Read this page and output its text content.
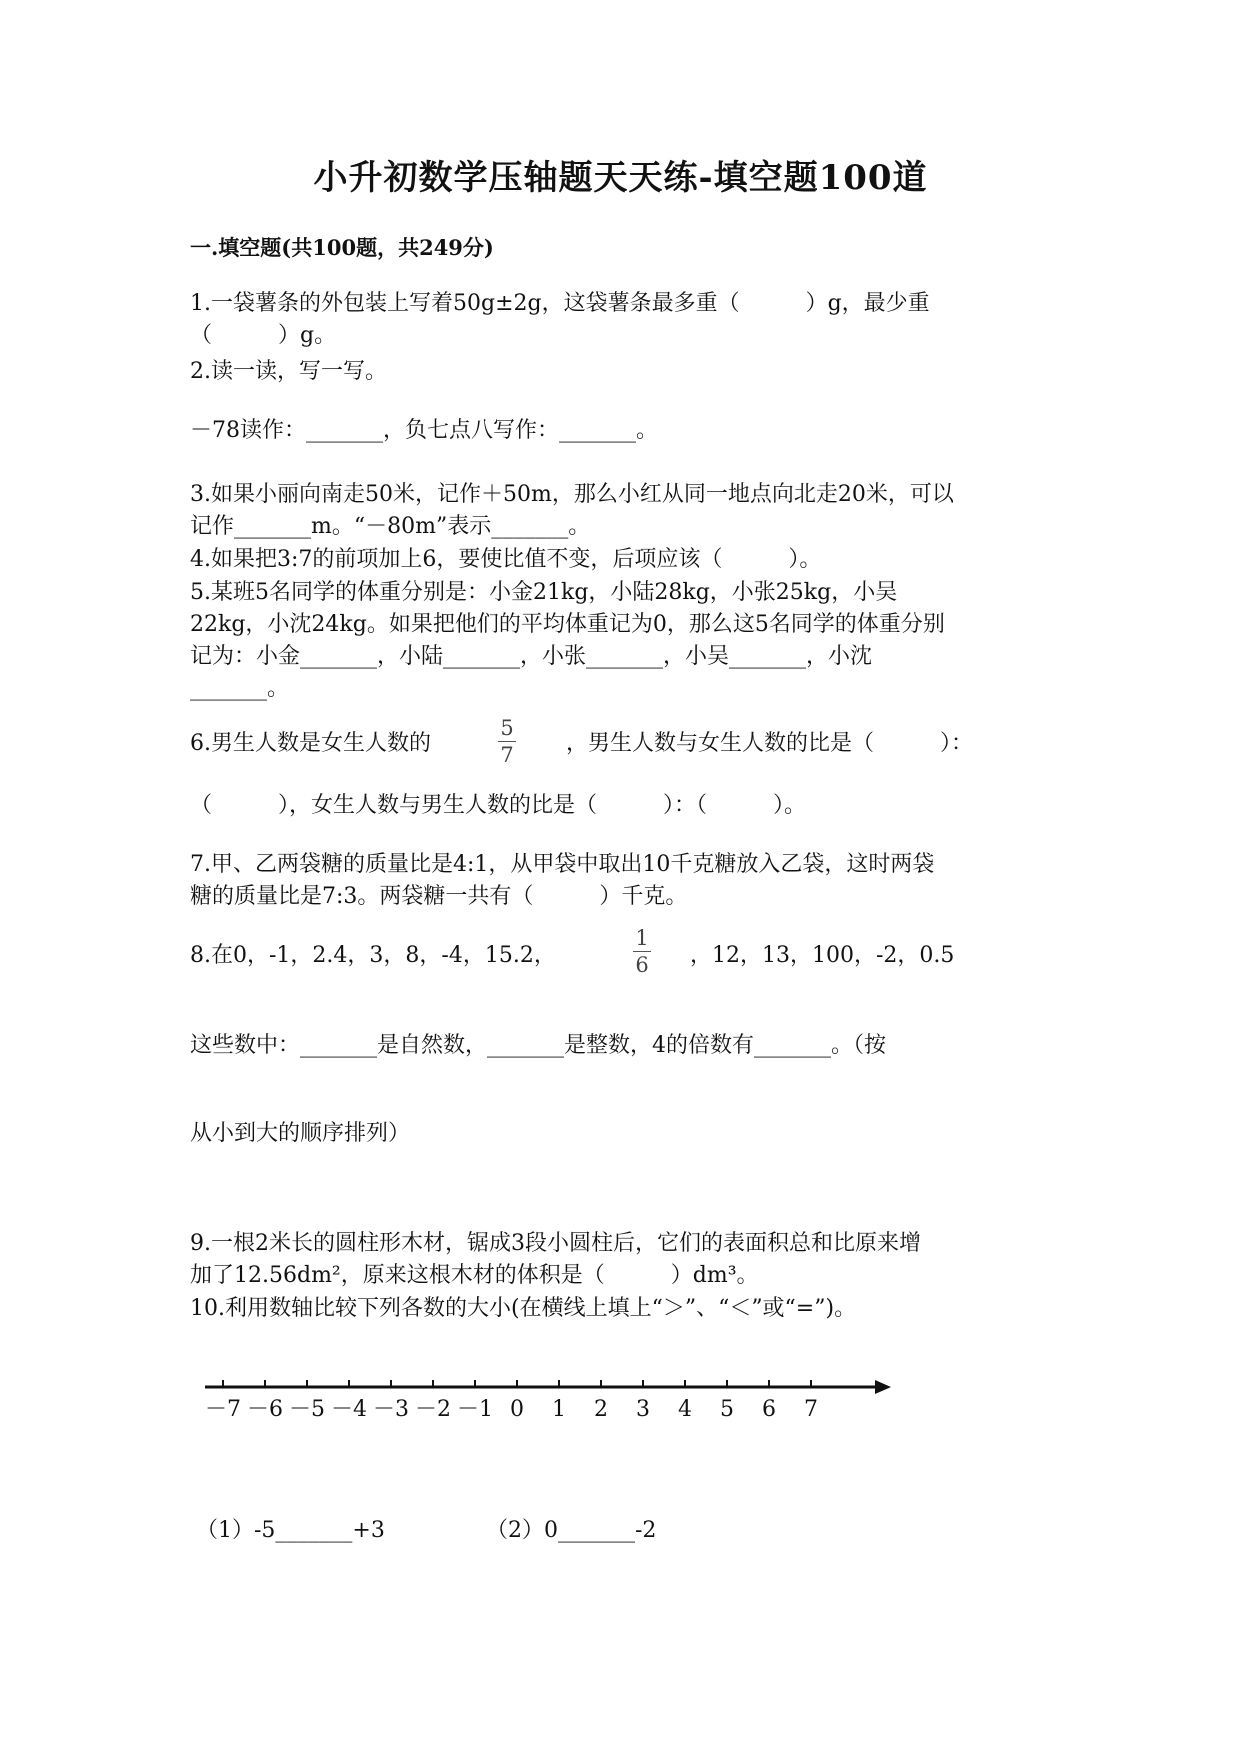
小升初数学压轴题天天练-填空题100道
一.填空题(共100题，共249分)
1.一袋薯条的外包装上写着50g±2g，这袋薯条最多重（　　　）g，最少重
（　　　）g。
2.读一读，写一写。
－78读作：_______，负七点八写作：_______。
3.如果小丽向南走50米，记作＋50m，那么小红从同一地点向北走20米，可以
记作_______m。“－80m”表示_______。
4.如果把3:7的前项加上6，要使比值不变，后项应该（　　　）。
5.某班5名同学的体重分别是：小金21kg，小陆28kg，小张25kg，小吴
22kg，小沈24kg。如果把他们的平均体重记为0，那么这5名同学的体重分别
记为：小金_______，小陆_______，小张_______，小吴_______，小沈
_______。
6.男生人数是女生人数的
5
7	，男生人数与女生人数的比是（　　　）：
（　　　），女生人数与男生人数的比是（　　　）：（　　　）。
7.甲、乙两袋糖的质量比是4:1，从甲袋中取出10千克糖放入乙袋，这时两袋
糖的质量比是7:3。两袋糖一共有（　　　）千克。
8.在0，-1，2.4，3，8，-4，15.2，
1
6	，12，13，100，-2，0.5
这些数中：_______是自然数，_______是整数，4的倍数有_______。（按
从小到大的顺序排列）
9.一根2米长的圆柱形木材，锯成3段小圆柱后，它们的表面积总和比原来增
加了12.56dm²，原来这根木材的体积是（　　　）dm³。
10.利用数轴比较下列各数的大小(在横线上填上“＞”、“＜”或“=”)。
－7 －6 －5 －4 －3 －2 －1 0 1 2 3 4 5 6 7
（1）-5_______+3	（2）0_______-2
